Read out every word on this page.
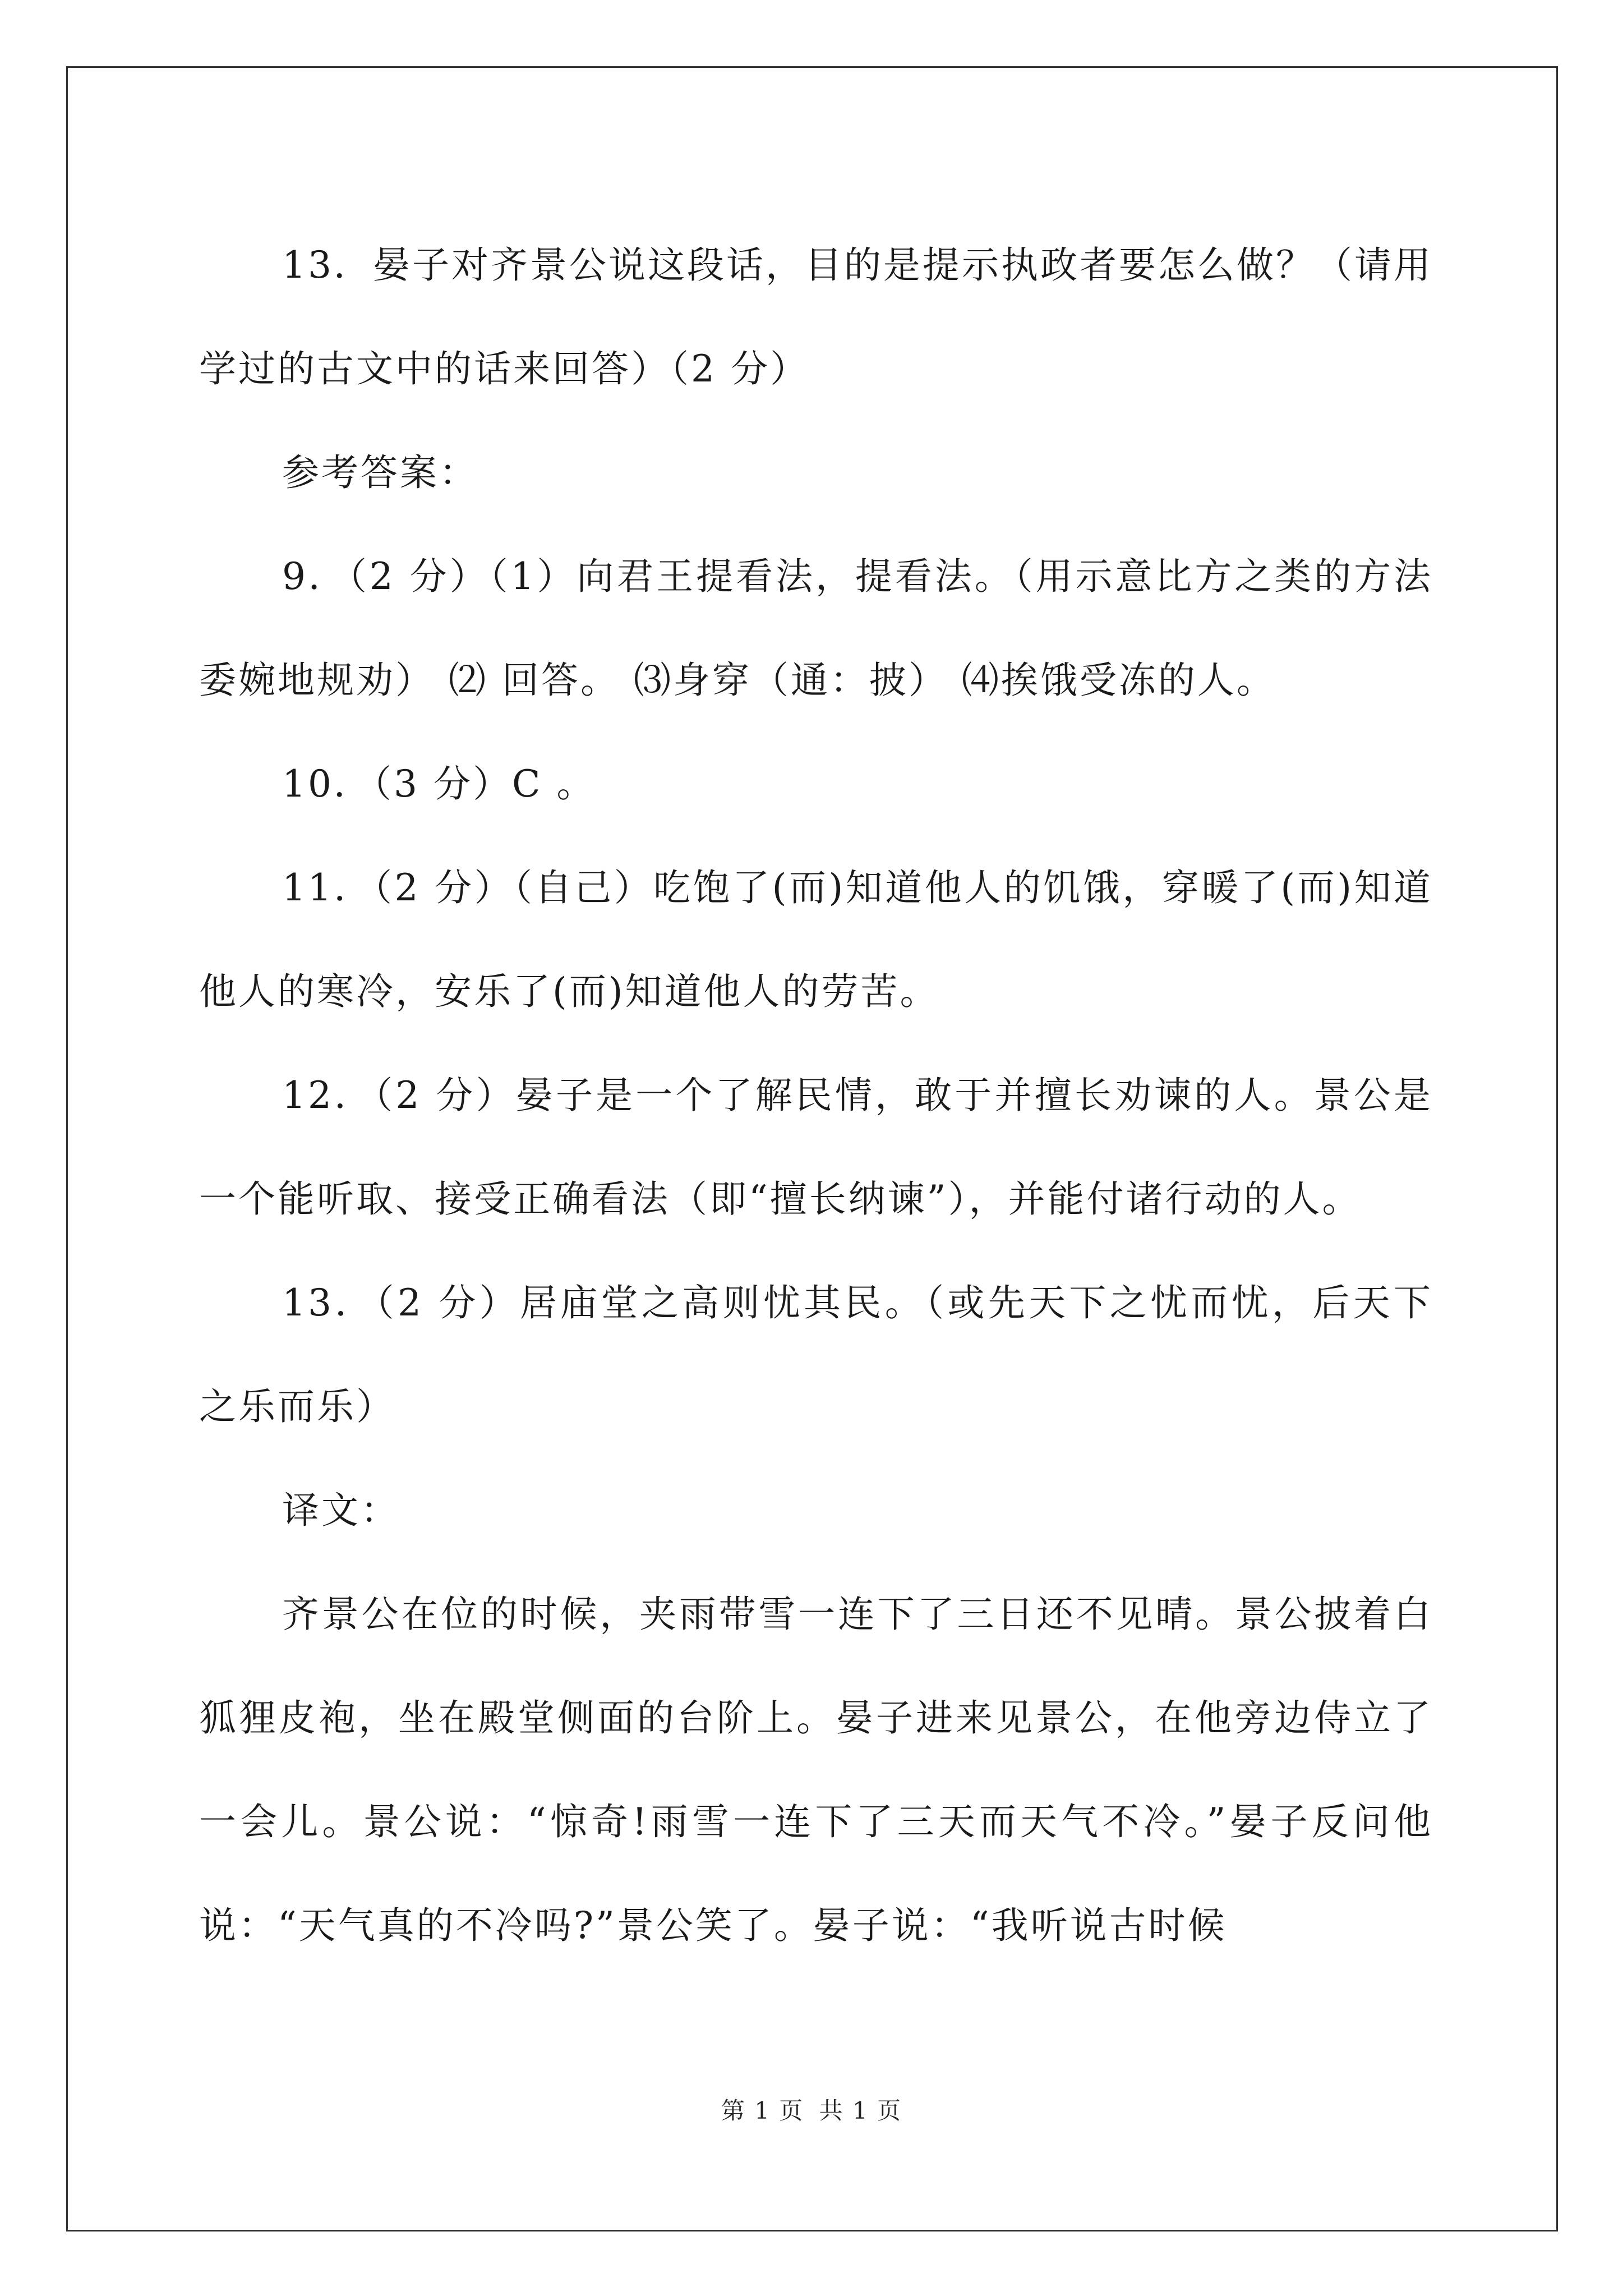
13．晏子对齐景公说这段话，目的是提示执政者要怎么做？（请用学过的古文中的话来回答）（2 分）

参考答案：

9．（2 分）（1）向君王提看法，提看法。（用示意比方之类的方法委婉地规劝） ⑵ 回答。 ⑶身穿（通：披） ⑷挨饿受冻的人。

10．（3 分）C 。

11．（2 分）（自己）吃饱了(而)知道他人的饥饿，穿暖了(而)知道他人的寒冷，安乐了(而)知道他人的劳苦。

12．（2 分）晏子是一个了解民情，敢于并擅长劝谏的人。景公是一个能听取、接受正确看法（即“擅长纳谏”），并能付诸行动的人。

13．（2 分）居庙堂之高则忧其民。（或先天下之忧而忧，后天下之乐而乐）

译文：

齐景公在位的时候，夹雨带雪一连下了三日还不见晴。景公披着白狐狸皮袍，坐在殿堂侧面的台阶上。晏子进来见景公，在他旁边侍立了一会儿。景公说：“惊奇!雨雪一连下了三天而天气不冷。”晏子反问他说：“天气真的不冷吗?”景公笑了。晏子说：“我听说古时候

第 1 页 共 1 页
